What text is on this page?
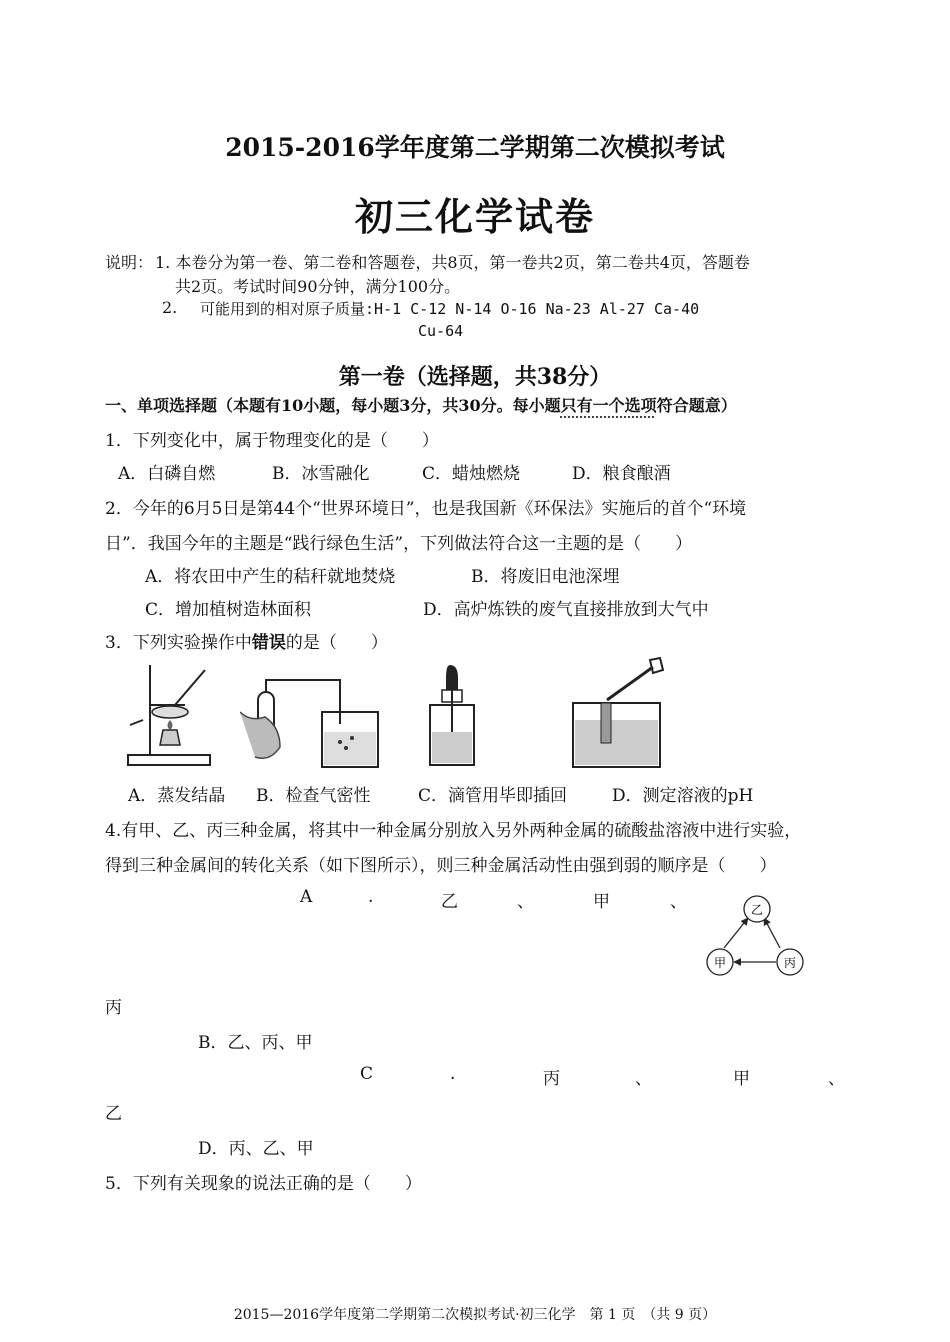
2015-2016学年度第二学期第二次模拟考试
初三化学试卷
说明： 1. 本卷分为第一卷、第二卷和答题卷，共8页，第一卷共2页，第二卷共4页，答题卷
共2页。考试时间90分钟，满分100分。
2. 可能用到的相对原子质量:H-1 C-12 N-14 O-16 Na-23 Al-27 Ca-40
Cu-64
第一卷（选择题，共38分）
一、单项选择题（本题有10小题，每小题3分，共30分。每小题只有一个选项符合题意）
1．下列变化中，属于物理变化的是（　　）
A．白磷自燃	B．冰雪融化	C．蜡烛燃烧	D．粮食酿酒
2．今年的6月5日是第44个“世界环境日”，也是我国新《环保法》实施后的首个“环境
日”．我国今年的主题是“践行绿色生活”，下列做法符合这一主题的是（　　）
A．将农田中产生的秸秆就地焚烧	B．将废旧电池深埋
C．增加植树造林面积	D．高炉炼铁的废气直接排放到大气中
3．下列实验操作中错误的是（　　）
A．蒸发结晶 B．检查气密性	C．滴管用毕即插回	D．测定溶液的pH
4.有甲、乙、丙三种金属，将其中一种金属分别放入另外两种金属的硫酸盐溶液中进行实验，
得到三种金属间的转化关系（如下图所示），则三种金属活动性由强到弱的顺序是（　　）
A	.	乙	、	甲	、
丙
乙
甲	丙
B．乙、丙、甲
C	.	丙	、	甲	、
乙
D．丙、乙、甲
5．下列有关现象的说法正确的是（　　）
2015—2016学年度第二学期第二次模拟考试·初三化学　第 1 页　（共 9 页）
